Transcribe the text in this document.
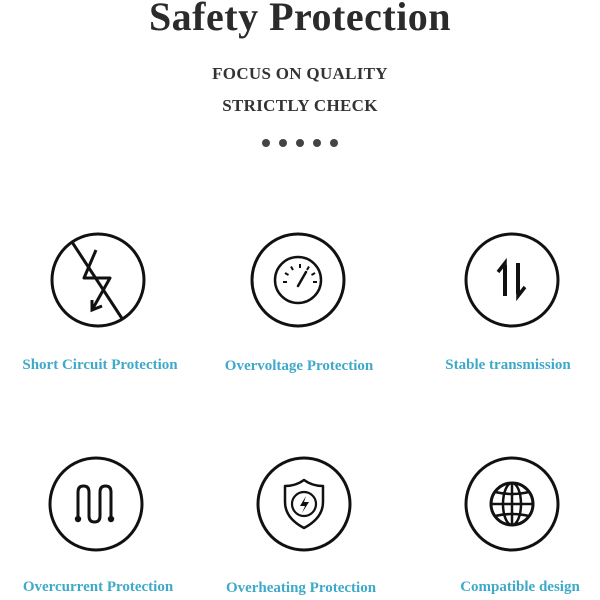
Safety Protection
FOCUS ON QUALITY
STRICTLY CHECK
Short Circuit Protection	Overvoltage Protection	Stable transmission
Overcurrent Protection	Overheating Protection	Compatible design
